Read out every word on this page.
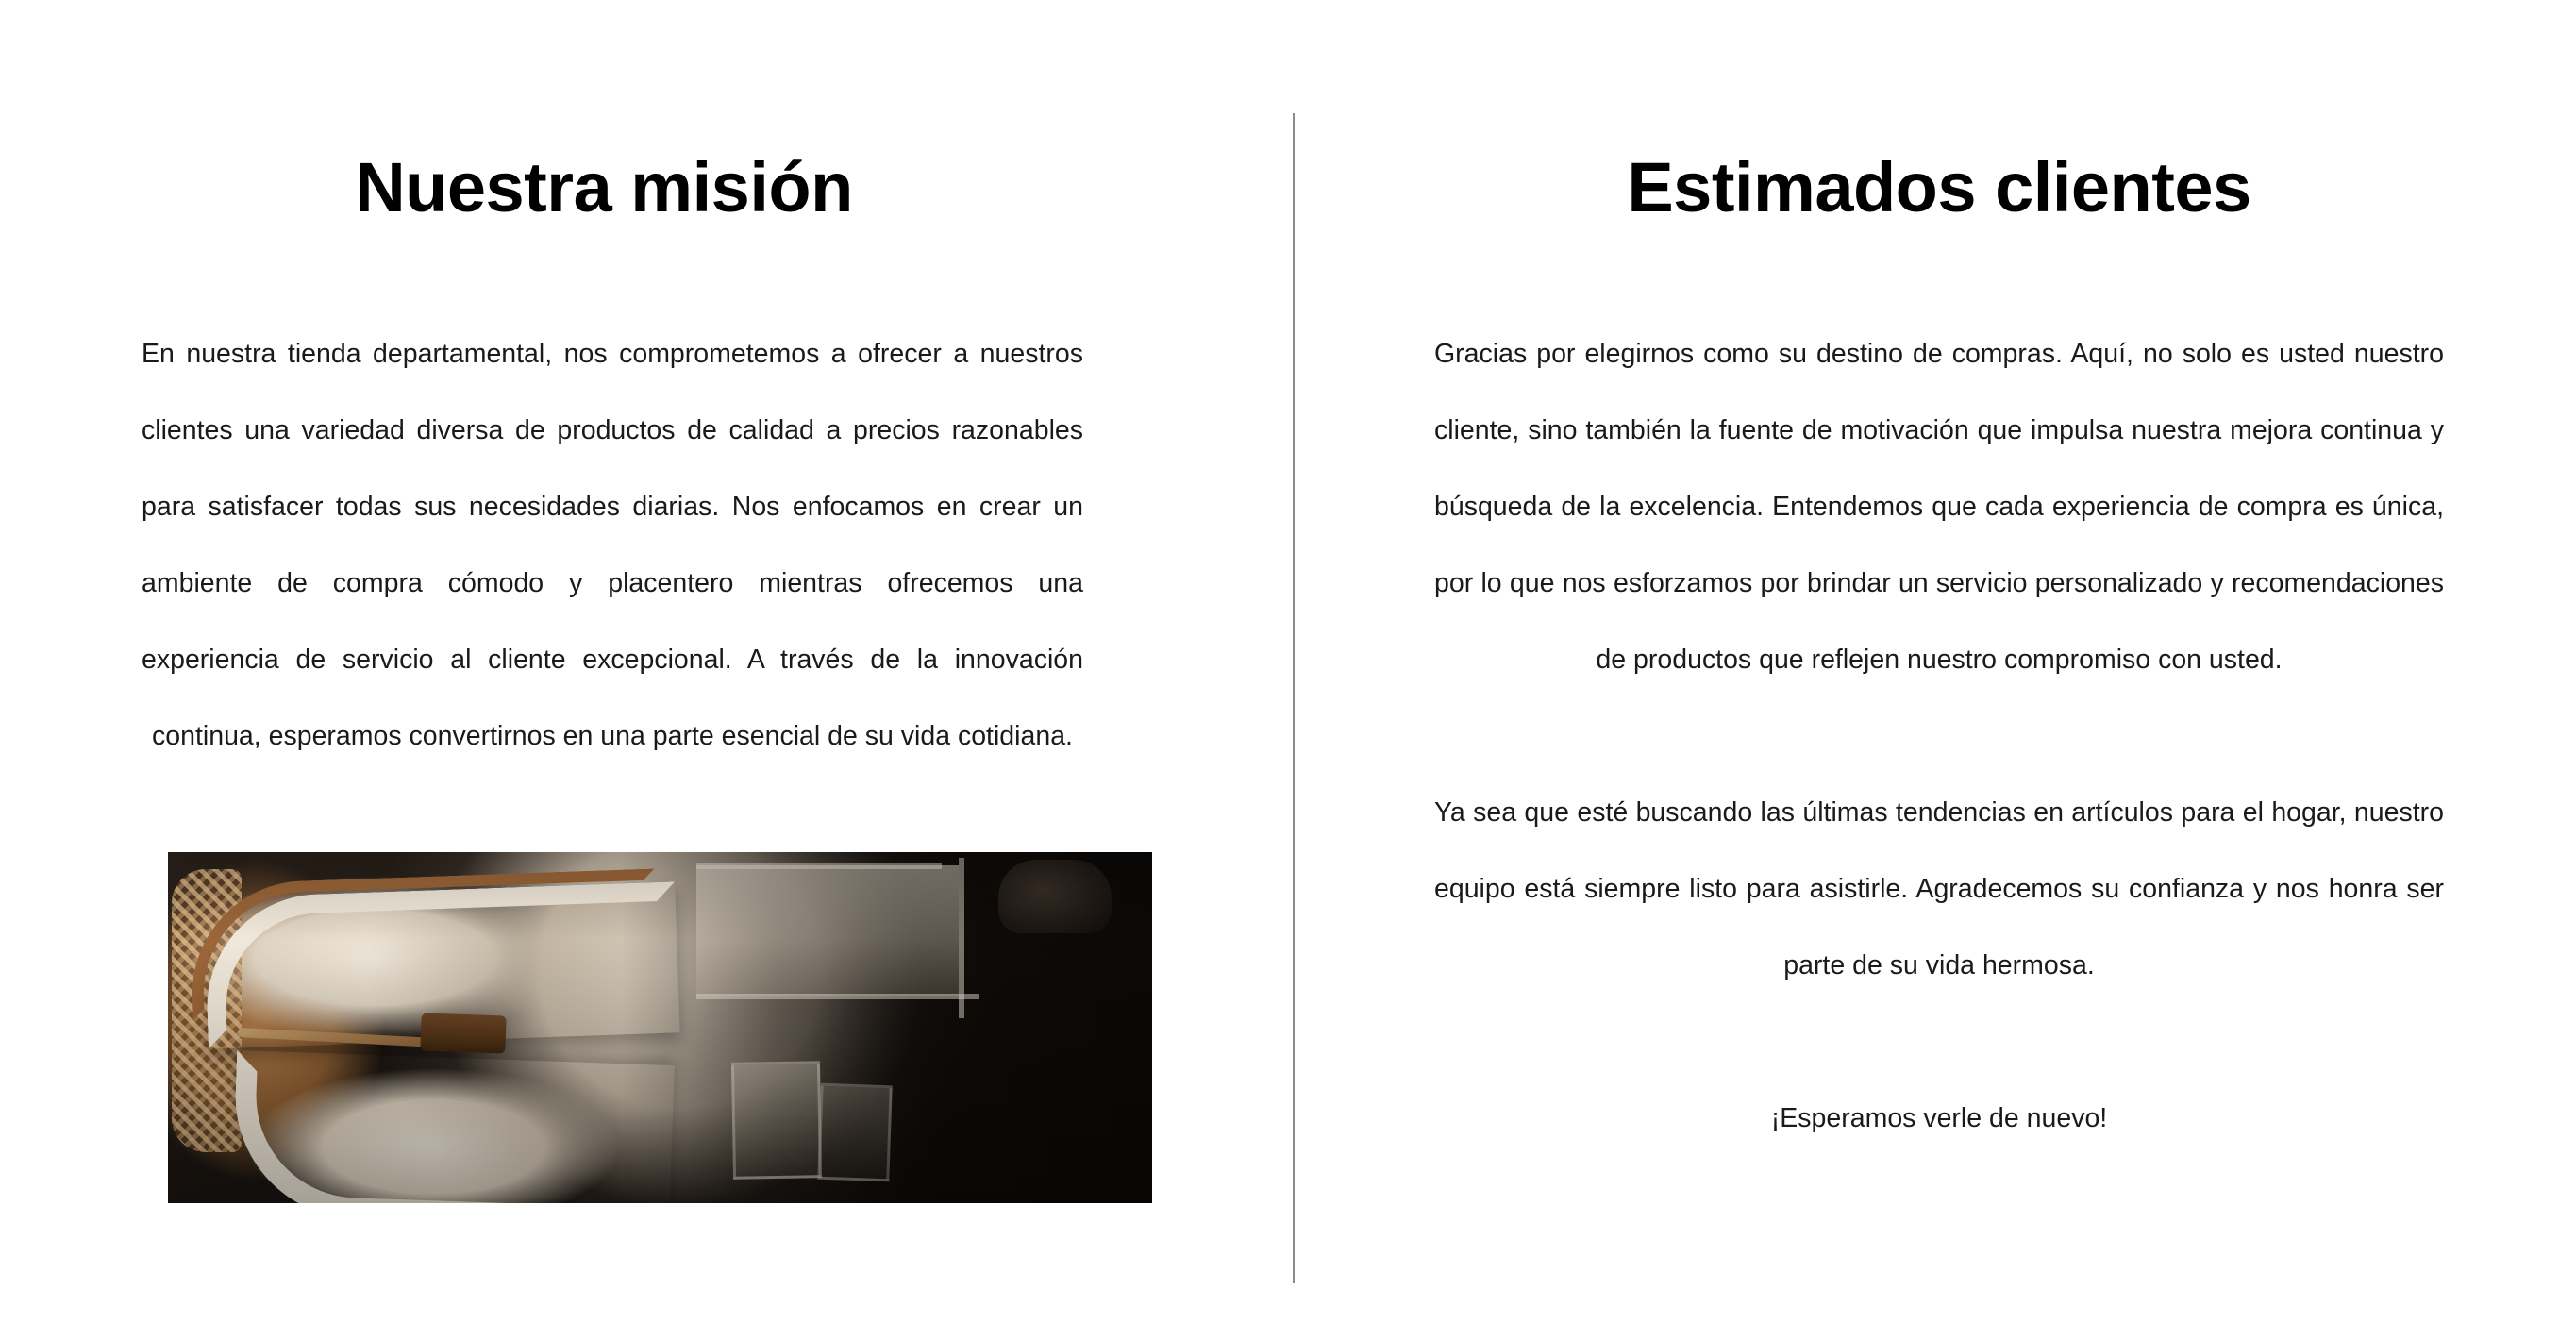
Nuestra misión

En nuestra tienda departamental, nos comprometemos a ofrecer a nuestros clientes una variedad diversa de productos de calidad a precios razonables para satisfacer todas sus necesidades diarias. Nos enfocamos en crear un ambiente de compra cómodo y placentero mientras ofrecemos una experiencia de servicio al cliente excepcional. A través de la innovación continua, esperamos convertirnos en una parte esencial de su vida cotidiana.

Estimados clientes

Gracias por elegirnos como su destino de compras. Aquí, no solo es usted nuestro cliente, sino también la fuente de motivación que impulsa nuestra mejora continua y búsqueda de la excelencia. Entendemos que cada experiencia de compra es única, por lo que nos esforzamos por brindar un servicio personalizado y recomendaciones de productos que reflejen nuestro compromiso con usted.

Ya sea que esté buscando las últimas tendencias en artículos para el hogar, nuestro equipo está siempre listo para asistirle. Agradecemos su confianza y nos honra ser parte de su vida hermosa.

¡Esperamos verle de nuevo!
